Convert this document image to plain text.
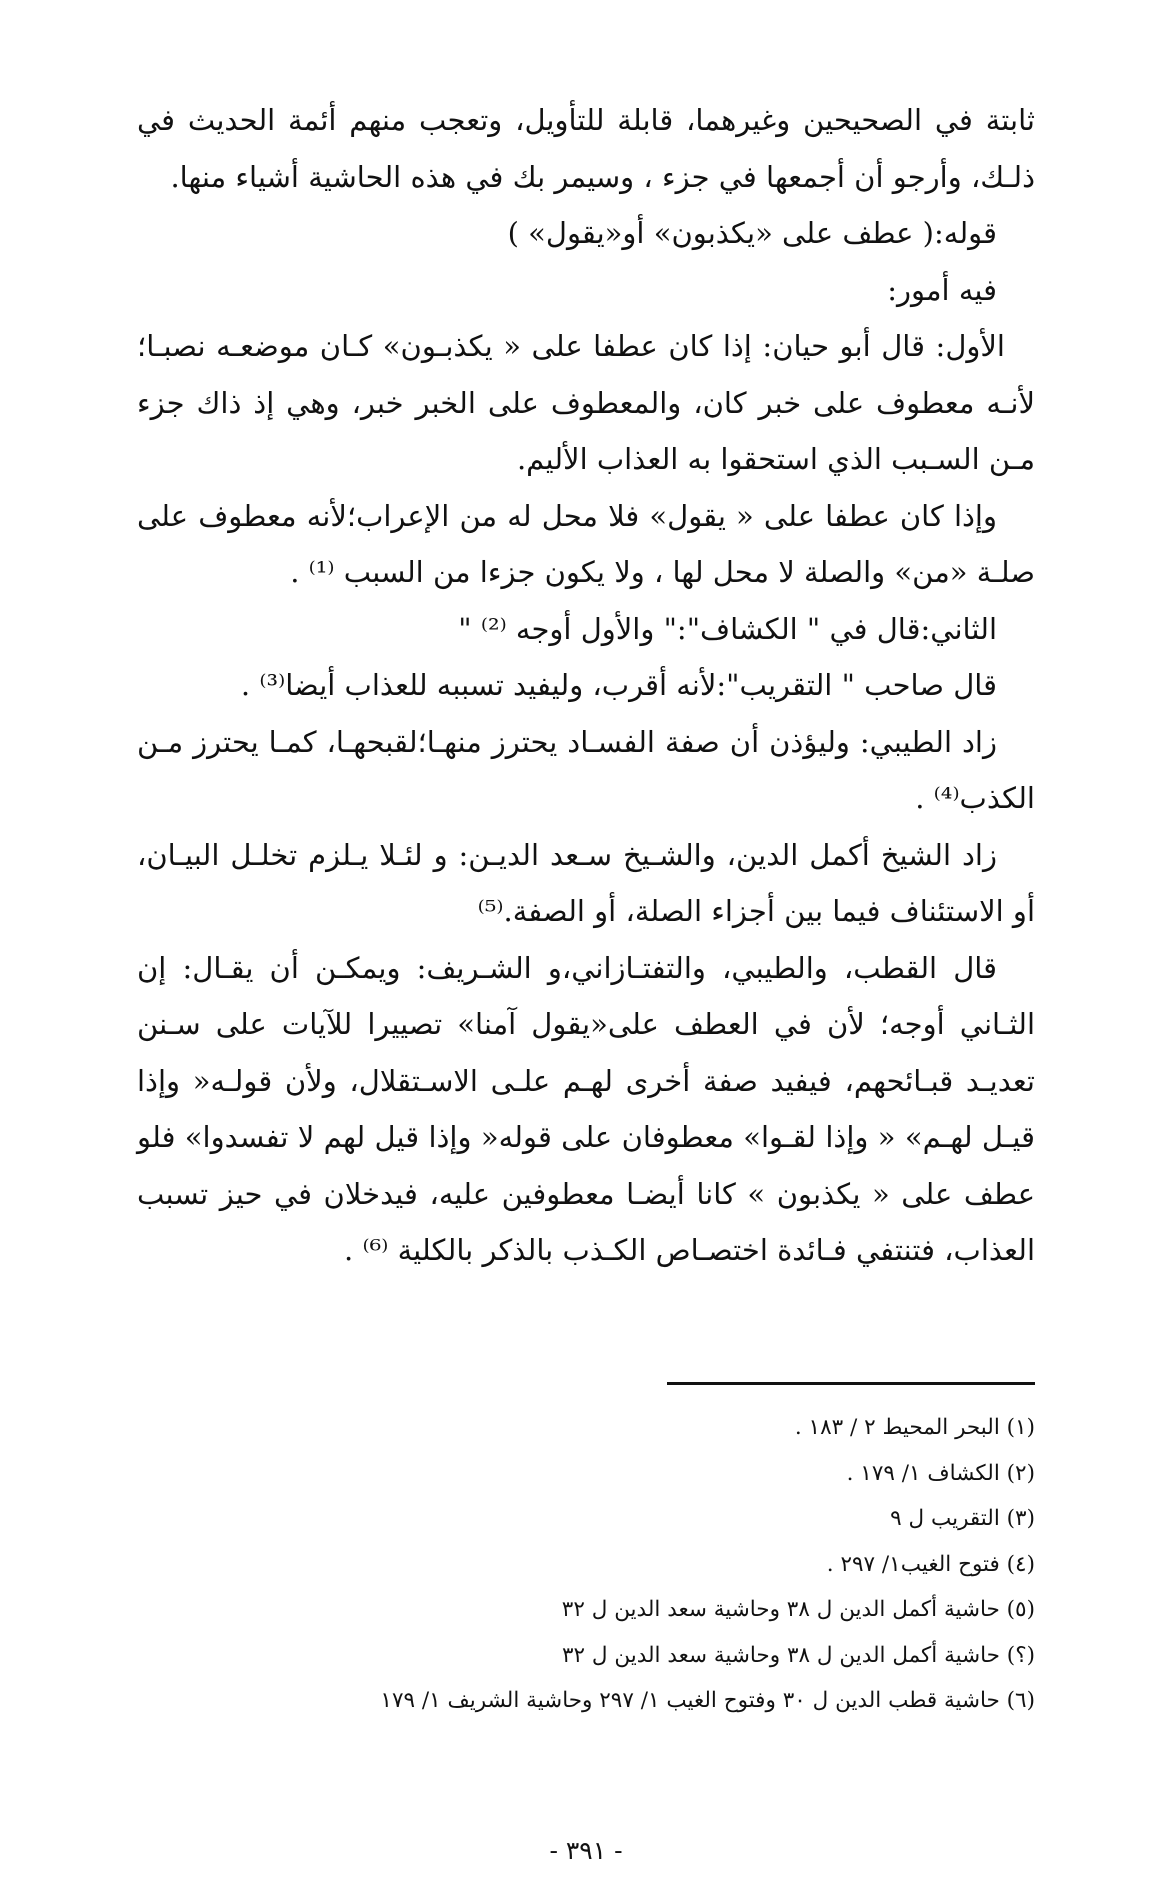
ثابتة في الصحيحين وغيرهما، قابلة للتأويل، وتعجب منهم أئمة الحديث في ذلـك، وأرجو أن أجمعها في جزء ، وسيمر بك في هذه الحاشية أشياء منها.

قوله:( عطف على «يكذبون» أو«يقول» )

فيه أمور:

الأول: قال أبو حيان: إذا كان عطفا على « يكذبـون» كـان موضعـه نصبـا؛لأنـه معطوف على خبر كان، والمعطوف على الخبر خبر، وهي إذ ذاك جزء مـن السـبب الذي استحقوا به العذاب الأليم.

وإذا كان عطفا على « يقول» فلا محل له من الإعراب؛لأنه معطوف على صلـة «من» والصلة لا محل لها ، ولا يكون جزءا من السبب ⁽¹⁾ .

الثاني:قال في " الكشاف":" والأول أوجه ⁽²⁾ "

قال صاحب " التقريب":لأنه أقرب، وليفيد تسببه للعذاب أيضا⁽³⁾ .

زاد الطيبي: وليؤذن أن صفة الفسـاد يحترز منهـا؛لقبحهـا، كمـا يحترز مـن الكذب⁽⁴⁾ .

زاد الشيخ أكمل الدين، والشـيخ سـعد الديـن: و لئـلا يـلزم تخلـل البيـان، أو الاستئناف فيما بين أجزاء الصلة، أو الصفة.⁽⁵⁾

قال القطب، والطيبي، والتفتـازاني،و الشـريف: ويمكـن أن يقـال: إن الثـاني أوجه؛ لأن في العطف على«يقول آمنا» تصييرا للآيات على سـنن تعديـد قبـائحهم، فيفيد صفة أخرى لهـم علـى الاسـتقلال، ولأن قولـه« وإذا قيـل لهـم» « وإذا لقـوا» معطوفان على قوله« وإذا قيل لهم لا تفسدوا» فلو عطف على « يكذبون » كانا أيضـا معطوفين عليه، فيدخلان في حيز تسبب العذاب، فتنتفي فـائدة اختصـاص الكـذب بالذكر بالكلية ⁽⁶⁾ .

(١) البحر المحيط ٢ / ١٨٣ .
(٢) الكشاف ١/ ١٧٩ .
(٣) التقريب ل ٩
(٤) فتوح الغيب١/ ٢٩٧ .
(٥) حاشية أكمل الدين ل ٣٨ وحاشية سعد الدين ل ٣٢
(؟) حاشية أكمل الدين ل ٣٨ وحاشية سعد الدين ل ٣٢
(٦) حاشية قطب الدين ل ٣٠ وفتوح الغيب ١/ ٢٩٧ وحاشية الشريف ١/ ١٧٩
- ٣٩١ -
